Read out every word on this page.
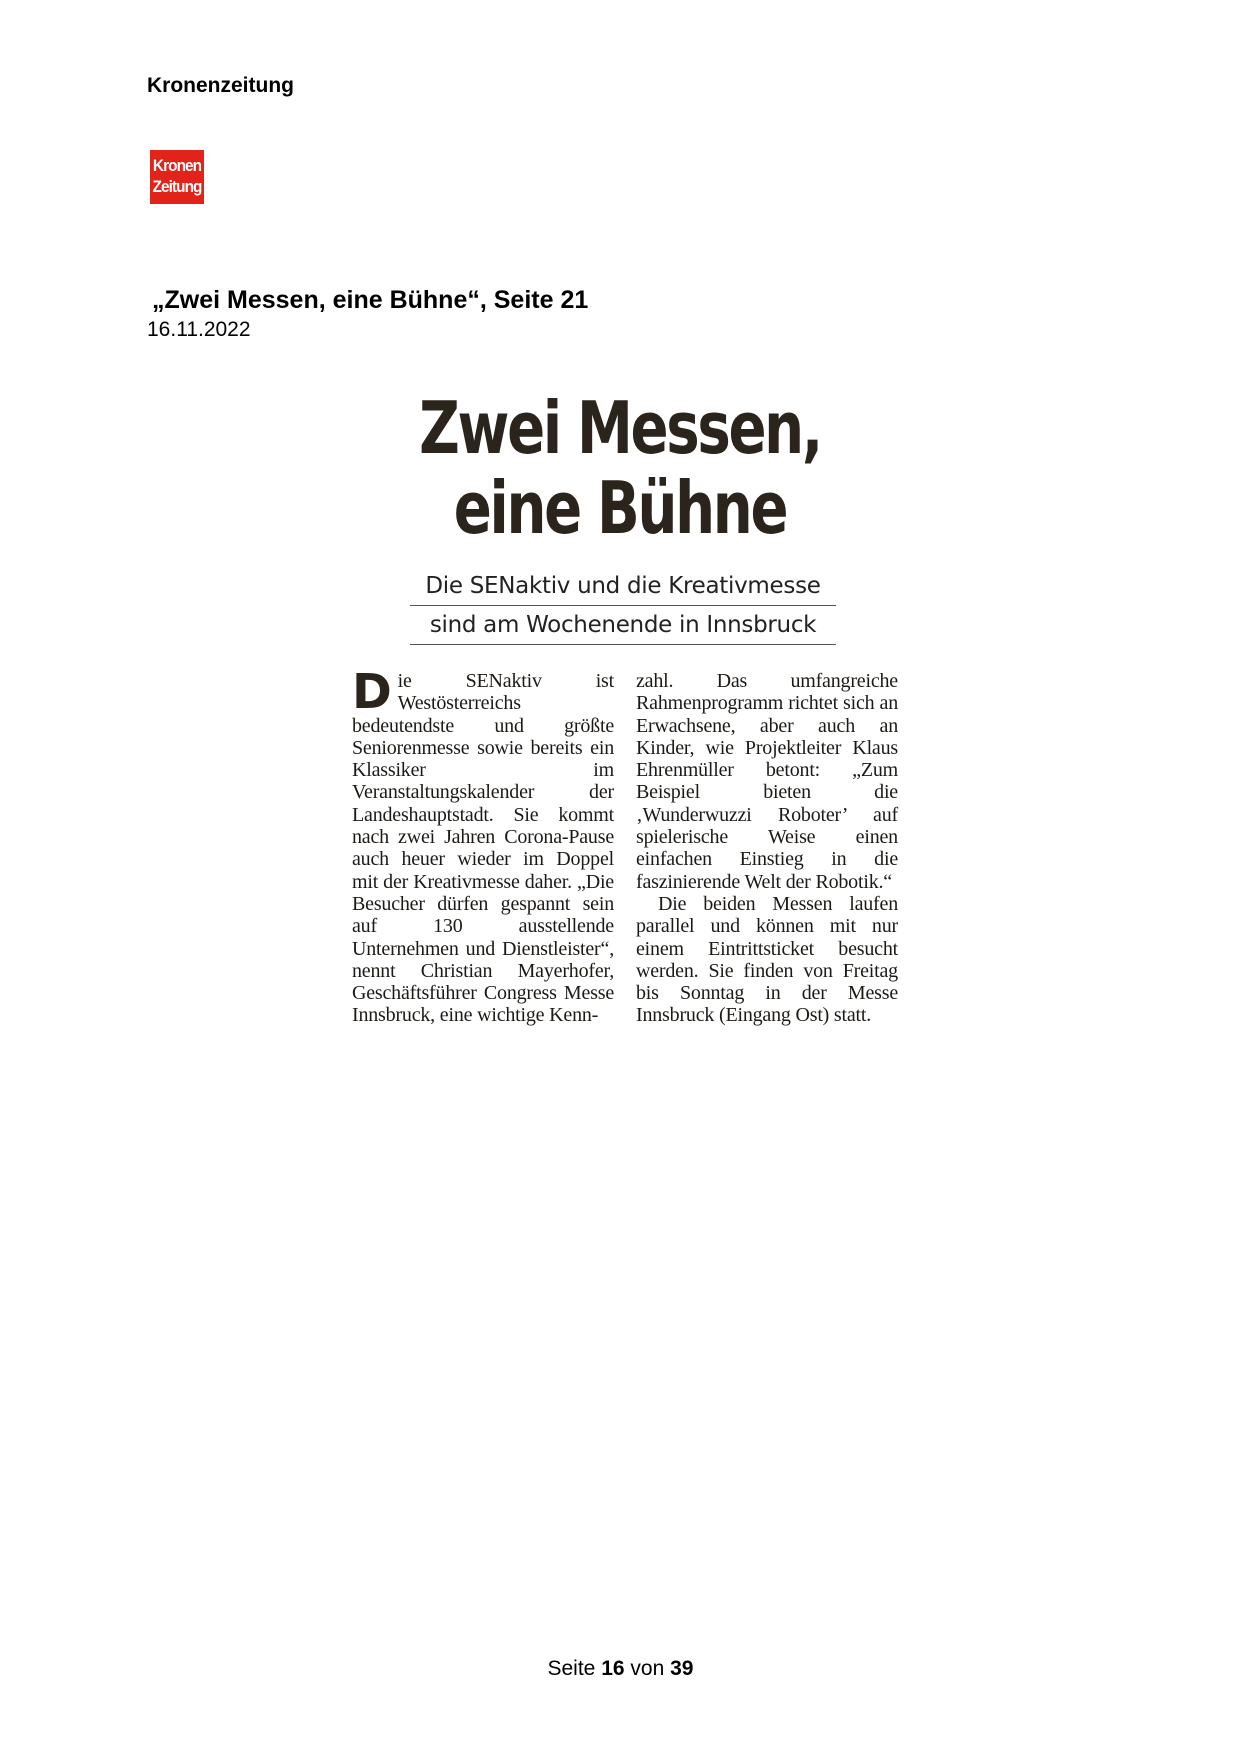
Kronenzeitung
Kronen
Zeitung
„Zwei Messen, eine Bühne“, Seite 21
16.11.2022
Zwei Messen,
eine Bühne
Die SENaktiv und die Kreativmesse
sind am Wochenende in Innsbruck
D ie SENaktiv ist Westösterreichs bedeutendste und größte Seniorenmesse sowie bereits ein Klassiker im Veranstaltungskalender der Landeshauptstadt. Sie kommt nach zwei Jahren Corona-Pause auch heuer wieder im Doppel mit der Kreativmesse daher. „Die Besucher dürfen gespannt sein auf 130 ausstellende Unternehmen und Dienstleister“, nennt Christian Mayerhofer, Geschäftsführer Congress Messe Innsbruck, eine wichtige Kenn-

zahl. Das umfangreiche Rahmenprogramm richtet sich an Erwachsene, aber auch an Kinder, wie Projektleiter Klaus Ehrenmüller betont: „Zum Beispiel bieten die ‚Wunderwuzzi Roboter’ auf spielerische Weise einen einfachen Einstieg in die faszinierende Welt der Robotik.“

Die beiden Messen laufen parallel und können mit nur einem Eintrittsticket besucht werden. Sie finden von Freitag bis Sonntag in der Messe Innsbruck (Eingang Ost) statt.

Seite 16 von 39
